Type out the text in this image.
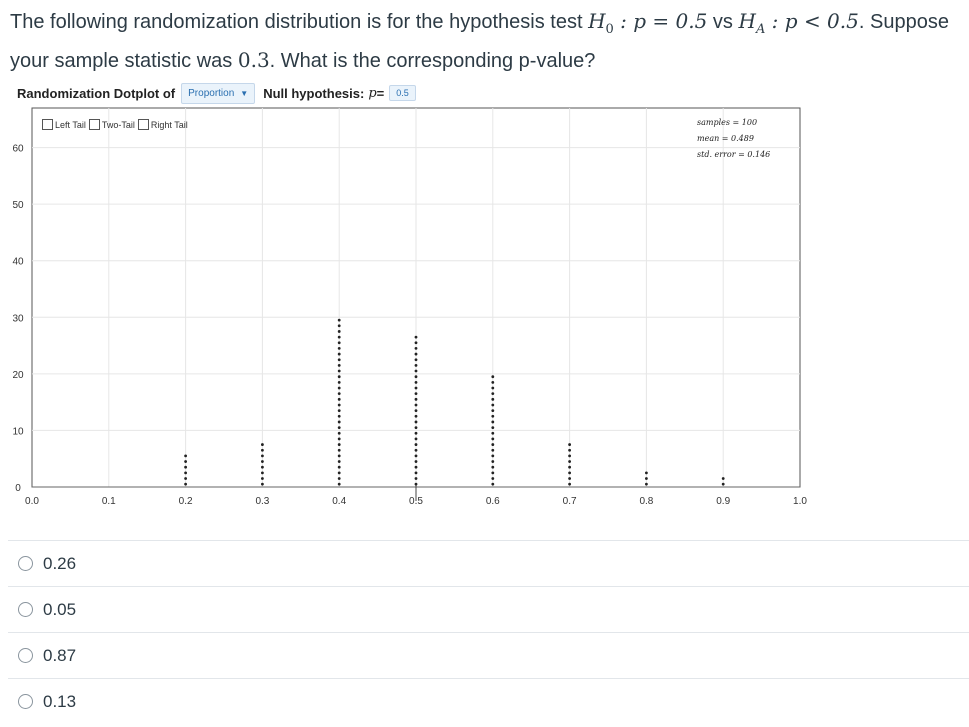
The following randomization distribution is for the hypothesis test $H_0$ : p = 0.5 vs $H_A$ : p < 0.5. Suppose your sample statistic was 0.3. What is the corresponding p-value?
Randomization Dotplot of Proportion ▼ Null hypothesis: p =	0.5
0.0	0.1	0.2	0.3	0.4	0.5	0.6	0.7	0.8	0.9	1.0
0
10
20
30
40
50
60
Left Tail Two-Tail Right Tail	samples = 100
mean = 0.489
std. error = 0.146
0.26
0.05
0.87
0.13
